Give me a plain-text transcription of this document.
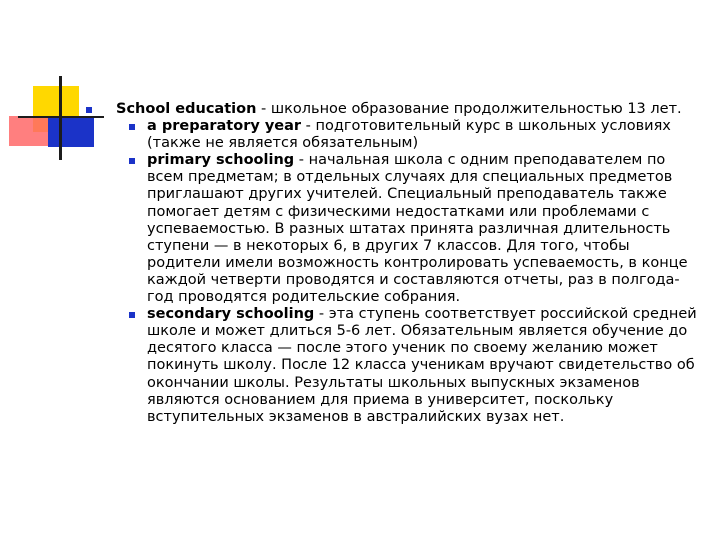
School education - школьное образование продолжительностью 13 лет.
a preparatory year - подготовительный курс в школьных условиях (также не является обязательным)
primary schooling - начальная школа с одним преподавателем по всем предметам; в отдельных случаях для специальных предметов приглашают других учителей. Специальный преподаватель также помогает детям с физическими недостатками или проблемами с успеваемостью. В разных штатах принята различная длительность ступени — в некоторых 6, в других 7 классов. Для того, чтобы родители имели возможность контролировать успеваемость, в конце каждой четверти проводятся и составляются отчеты, раз в полгода-год проводятся родительские собрания.
secondary schooling - эта ступень соответствует российской средней школе и может длиться 5-6 лет. Обязательным является обучение до десятого класса — после этого ученик по своему желанию может покинуть школу. После 12 класса ученикам вручают свидетельство об окончании школы. Результаты школьных выпускных экзаменов являются основанием для приема в университет, поскольку вступительных экзаменов в австралийских вузах нет.
